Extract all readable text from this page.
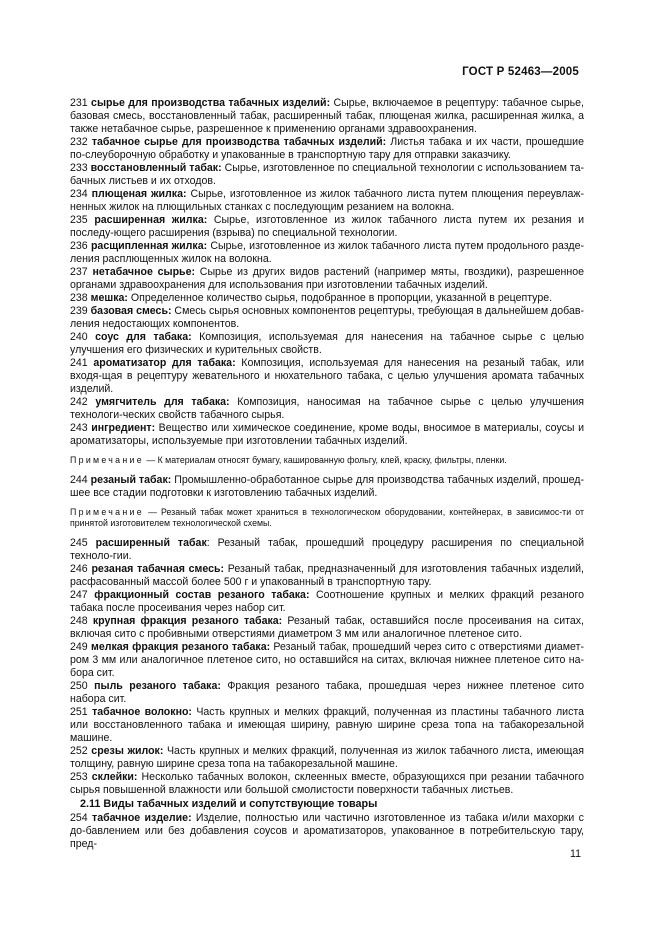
ГОСТ Р 52463—2005

231 сырье для производства табачных изделий: Сырье, включаемое в рецептуру: табачное сырье, базовая смесь, восстановленный табак, расширенный табак, плющеная жилка, расширенная жилка, а также нетабачное сырье, разрешенное к применению органами здравоохранения.

232 табачное сырье для производства табачных изделий: Листья табака и их части, прошедшие по-слеуборочную обработку и упакованные в транспортную тару для отправки заказчику.

233 восстановленный табак: Сырье, изготовленное по специальной технологии с использованием та-бачных листьев и их отходов.

234 плющеная жилка: Сырье, изготовленное из жилок табачного листа путем плющения переувлаж-ненных жилок на плющильных станках с последующим резанием на волокна.

235 расширенная жилка: Сырье, изготовленное из жилок табачного листа путем их резания и последу-ющего расширения (взрыва) по специальной технологии.

236 расщипленная жилка: Сырье, изготовленное из жилок табачного листа путем продольного разде-ления расплющенных жилок на волокна.

237 нетабачное сырье: Сырье из других видов растений (например мяты, гвоздики), разрешенное органами здравоохранения для использования при изготовлении табачных изделий.

238 мешка: Определенное количество сырья, подобранное в пропорции, указанной в рецептуре.

239 базовая смесь: Смесь сырья основных компонентов рецептуры, требующая в дальнейшем добав-ления недостающих компонентов.

240 соус для табака: Композиция, используемая для нанесения на табачное сырье с целью улучшения его физических и курительных свойств.

241 ароматизатор для табака: Композиция, используемая для нанесения на резаный табак, или входя-щая в рецептуру жевательного и нюхательного табака, с целью улучшения аромата табачных изделий.

242 умягчитель для табака: Композиция, наносимая на табачное сырье с целью улучшения технологи-ческих свойств табачного сырья.

243 ингредиент: Вещество или химическое соединение, кроме воды, вносимое в материалы, соусы и ароматизаторы, используемые при изготовлении табачных изделий.

Примечание — К материалам относят бумагу, кашированную фольгу, клей, краску, фильтры, пленки.

244 резаный табак: Промышленно-обработанное сырье для производства табачных изделий, прошед-шее все стадии подготовки к изготовлению табачных изделий.

Примечание — Резаный табак может храниться в технологическом оборудовании, контейнерах, в зависимос-ти от принятой изготовителем технологической схемы.

245 расширенный табак: Резаный табак, прошедший процедуру расширения по специальной техноло-гии.

246 резаная табачная смесь: Резаный табак, предназначенный для изготовления табачных изделий, расфасованный массой более 500 г и упакованный в транспортную тару.

247 фракционный состав резаного табака: Соотношение крупных и мелких фракций резаного табака после просеивания через набор сит.

248 крупная фракция резаного табака: Резаный табак, оставшийся после просеивания на ситах, включая сито с пробивными отверстиями диаметром 3 мм или аналогичное плетеное сито.

249 мелкая фракция резаного табака: Резаный табак, прошедший через сито с отверстиями диамет-ром 3 мм или аналогичное плетеное сито, но оставшийся на ситах, включая нижнее плетеное сито на-бора сит.

250 пыль резаного табака: Фракция резаного табака, прошедшая через нижнее плетеное сито набора сит.

251 табачное волокно: Часть крупных и мелких фракций, полученная из пластины табачного листа или восстановленного табака и имеющая ширину, равную ширине среза топа на табакорезальной машине.

252 срезы жилок: Часть крупных и мелких фракций, полученная из жилок табачного листа, имеющая толщину, равную ширине среза топа на табакорезальной машине.

253 склейки: Несколько табачных волокон, склеенных вместе, образующихся при резании табачного сырья повышенной влажности или большой смолистости поверхности табачных листьев.

2.11 Виды табачных изделий и сопутствующие товары

254 табачное изделие: Изделие, полностью или частично изготовленное из табака и/или махорки с до-бавлением или без добавления соусов и ароматизаторов, упакованное в потребительскую тару, пред-

11
